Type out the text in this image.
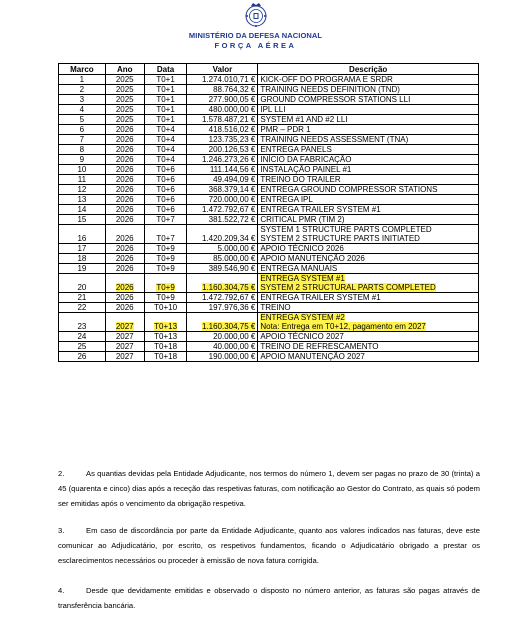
MINISTÉRIO DA DEFESA NACIONAL
FORÇA AÉREA
Marco	Ano	Data	Valor	Descrição
1	2025	T0+1	1.274.010,71 €	KICK-OFF DO PROGRAMA E SRDR

2	2025	T0+1	88.764,32 €	TRAINING NEEDS DEFINITION (TND)

3	2025	T0+1	277.900,05 €	GROUND COMPRESSOR STATIONS LLI

4	2025	T0+1	480.000,00 €	IPL LLI

5	2025	T0+1	1.578.487,21 €	SYSTEM #1 AND #2 LLI

6	2026	T0+4	418.516,02 €	PMR – PDR 1

7	2026	T0+4	123.735,23 €	TRAINING NEEDS ASSESSMENT (TNA)

8	2026	T0+4	200.126,53 €	ENTREGA PANELS

9	2026	T0+4	1.246.273,26 €	INÍCIO DA FABRICAÇÃO

10	2026	T0+6	111.144,56 €	INSTALAÇÃO PAINEL #1

11	2026	T0+6	49.494,09 €	TREINO DO TRAILER

12	2026	T0+6	368.379,14 €	ENTREGA GROUND COMPRESSOR STATIONS

13	2026	T0+6	720.000,00 €	ENTREGA IPL

14	2026	T0+6	1.472.792,67 €	ENTREGA TRAILER SYSTEM #1

15	2026	T0+7	381.522,72 €	CRITICAL PMR (TIM 2)

16	2026	T0+7	1.420.209,34 €	SYSTEM 1 STRUCTURE PARTS COMPLETED
SYSTEM 2 STRUCTURE PARTS INITIATED

17	2026	T0+9	5.000,00 €	APOIO TÉCNICO 2026

18	2026	T0+9	85.000,00 €	APOIO MANUTENÇÃO 2026

19	2026	T0+9	389.546,90 €	ENTREGA MANUAIS

20	2026	T0+9	1.160.304,75 €	ENTREGA SYSTEM #1
SYSTEM 2 STRUCTURAL PARTS COMPLETED
21	2026	T0+9	1.472.792,67 €	ENTREGA TRAILER SYSTEM #1

22	2026	T0+10	197.976,36 €	TREINO

23	2027	T0+13	1.160.304,75 €	ENTREGA SYSTEM #2
Nota: Entrega em T0+12, pagamento em 2027
24	2027	T0+13	20.000,00 €	APOIO TÉCNICO 2027

25	2027	T0+18	40.000,00 €	TREINO DE REFRESCAMENTO

26	2027	T0+18	190.000,00 €	APOIO MANUTENÇÃO 2027
2.	As quantias devidas pela Entidade Adjudicante, nos termos do número 1, devem ser pagas no prazo de 30 (trinta) a 45 (quarenta e cinco) dias após a receção das respetivas faturas, com notificação ao Gestor do Contrato, as quais só podem ser emitidas após o vencimento da obrigação respetiva.
3.	Em caso de discordância por parte da Entidade Adjudicante, quanto aos valores indicados nas faturas, deve este comunicar ao Adjudicatário, por escrito, os respetivos fundamentos, ficando o Adjudicatário obrigado a prestar os esclarecimentos necessários ou proceder à emissão de nova fatura corrigida.
4.	Desde que devidamente emitidas e observado o disposto no número anterior, as faturas são pagas através de transferência bancária.
